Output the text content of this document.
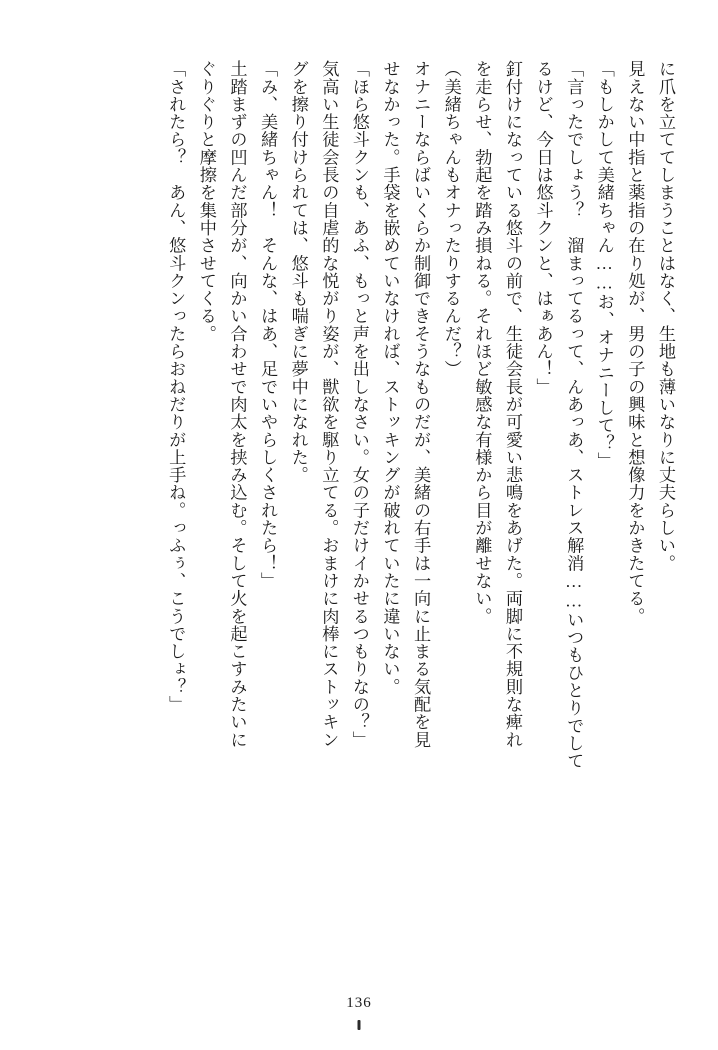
に爪を立ててしまうことはなく、生地も薄いなりに丈夫らしい。

見えない中指と薬指の在り処が、男の子の興味と想像力をかきたてる。

「もしかして美緒ちゃん……お、オナニーして？」

「言ったでしょう？　溜まってるって、んあっあ、ストレス解消……いつもひとりでして

るけど、今日は悠斗クンと、はぁあん！」

釘付けになっている悠斗の前で、生徒会長が可愛い悲鳴をあげた。両脚に不規則な痺れ

を走らせ、勃起を踏み損ねる。それほど敏感な有様から目が離せない。

（美緒ちゃんもオナったりするんだ？）

オナニーならばいくらか制御できそうなものだが、美緒の右手は一向に止まる気配を見

せなかった。手袋を嵌めていなければ、ストッキングが破れていたに違いない。

「ほら悠斗クンも、あふ、もっと声を出しなさい。女の子だけイかせるつもりなの？」

気高い生徒会長の自虐的な悦がり姿が、獣欲を駆り立てる。おまけに肉棒にストッキン

グを擦り付けられては、悠斗も喘ぎに夢中になれた。

「み、美緒ちゃん！　そんな、はあ、足でいやらしくされたら！」

土踏まずの凹んだ部分が、向かい合わせで肉太を挟み込む。そして火を起こすみたいに

ぐりぐりと摩擦を集中させてくる。

「されたら？　あん、悠斗クンったらおねだりが上手ね。っふぅ、こうでしょ？」

136
